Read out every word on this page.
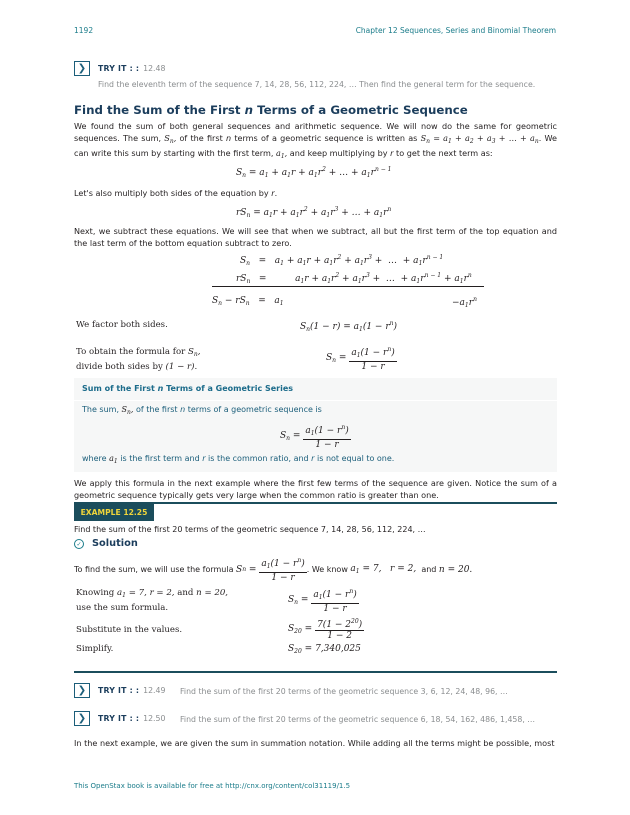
1192	Chapter 12 Sequences, Series and Binomial Theorem
❯	TRY IT : : 12.48
Find the eleventh term of the sequence 7, 14, 28, 56, 112, 224, … Then find the general term for the sequence.
Find the Sum of the First n Terms of a Geometric Sequence
We found the sum of both general sequences and arithmetic sequence. We will now do the same for geometric sequences. The sum, $S_n$, of the first n terms of a geometric sequence is written as $S_n = a_1 + a_2 + a_3$ + … + $a_n$. We can write this sum by starting with the first term, $a_1$, and keep multiplying by r to get the next term as:
$S_n = a_1 + a_1r + a_1r^2$ + … + $a_1r^{n - 1}$
Let's also multiply both sides of the equation by r.
$rS_n = a_1r + a_1r^2 + a_1r^3$ + … + $a_1r^n$
Next, we subtract these equations. We will see that when we subtract, all but the first term of the top equation and the last term of the bottom equation subtract to zero.
$S_n = a_1 + a_1r + a_1r^2 + a_1r^3$ +  …  + $a_1r^{n - 1}$
$rS_n$   =          $a_1r + a_1r^2 + a_1r^3$ +  …  + $a_1r^{n - 1} + a_1r^n$
$S_n - rS_n = a_1$	$-a_1r^n$
We factor both sides.	$S_n(1 - r) = a_1(1 - r^n)$
To obtain the formula for $S_n$,
divide both sides by (1 − r).
$S_n = \frac{a_1(1 - r^n)}{1 - r}$
Sum of the First n Terms of a Geometric Series
The sum, $S_n$, of the first n terms of a geometric sequence is
$S_n = \frac{a_1(1 - r^n)}{1 - r}$
where $a_1$ is the first term and r is the common ratio, and r is not equal to one.
We apply this formula in the next example where the first few terms of the sequence are given. Notice the sum of a geometric sequence typically gets very large when the common ratio is greater than one.
EXAMPLE 12.25
Find the sum of the first 20 terms of the geometric sequence 7, 14, 28, 56, 112, 224, …
✓ Solution
To find the sum, we will use the formula
S $n = \frac{a_1(1 - r^n)}{1 - r}$ . We know
$a_1 = 7$,   r = 2,
and
n = 20.
Knowing $a_1 = 7$, r = 2, and n = 20,
use the sum formula.
$S_n = \frac{a_1(1 - r^n)}{1 - r}$
Substitute in the values.	$S_{20} = \frac{7(1 - 2^{20})}{1 - 2}$
Simplify.	$S_{20} = 7,340,025$
❯	TRY IT : : 12.49 Find the sum of the first 20 terms of the geometric sequence 3, 6, 12, 24, 48, 96, …
❯	TRY IT : : 12.50 Find the sum of the first 20 terms of the geometric sequence 6, 18, 54, 162, 486, 1,458, …
In the next example, we are given the sum in summation notation. While adding all the terms might be possible, most
This OpenStax book is available for free at http://cnx.org/content/col31119/1.5
